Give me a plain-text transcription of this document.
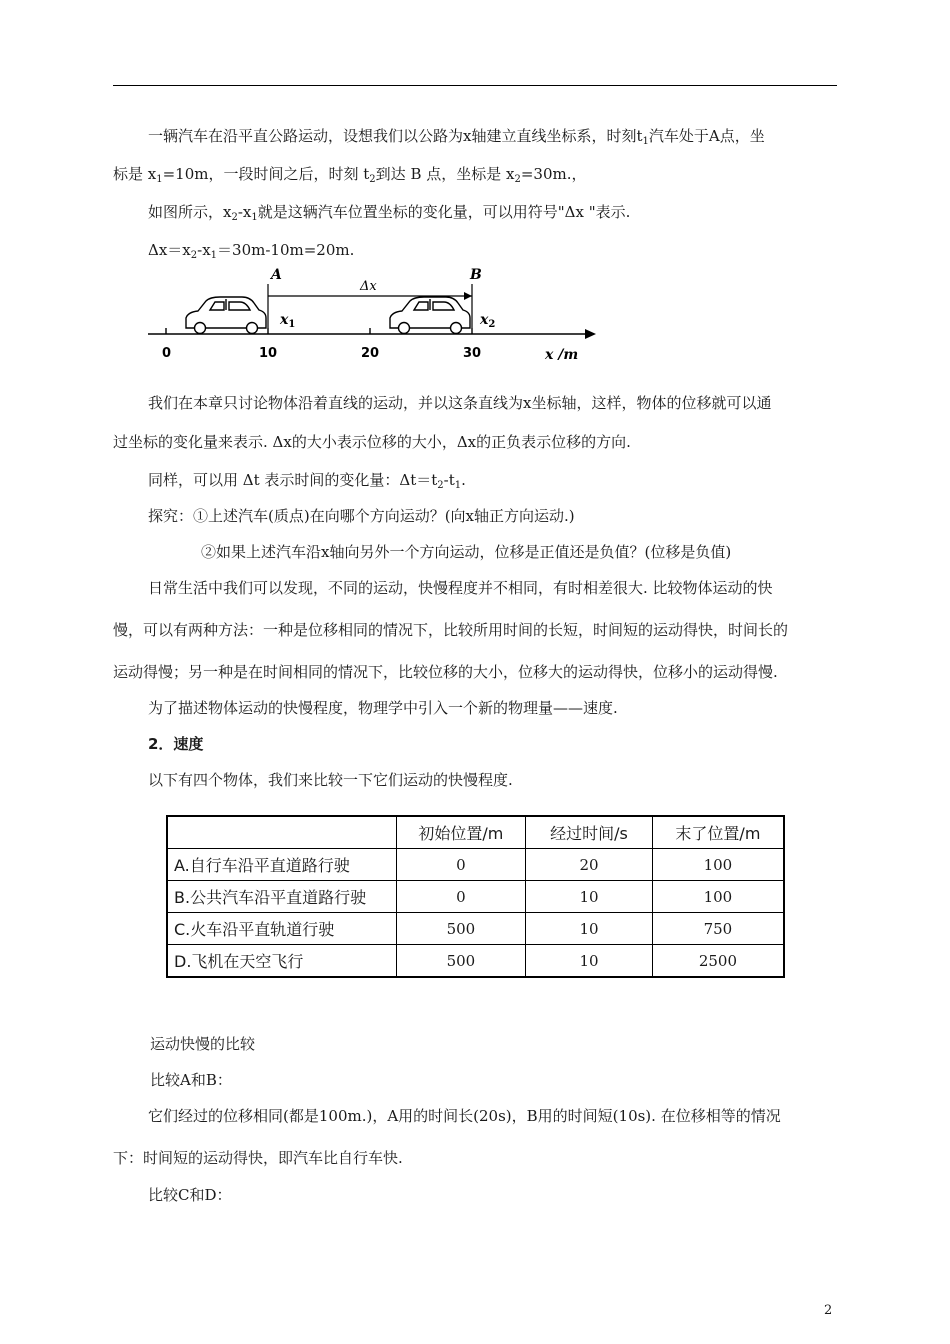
一辆汽车在沿平直公路运动，设想我们以公路为x轴建立直线坐标系，时刻$t_1$汽车处于A点，坐
标是 $x_1=10m$，一段时间之后，时刻 $t_2$到达 B 点，坐标是 $x_2=30m$.，
如图所示，$x_2-x_1$就是这辆汽车位置坐标的变化量，可以用符号"Δx "表示.
$\Delta x=x_2-x_1=30m-10m=20m$.
A	B
Δx
$x_1$	$x_2$
0	10	20	30	x /m
我们在本章只讨论物体沿着直线的运动，并以这条直线为x坐标轴，这样，物体的位移就可以通
过坐标的变化量来表示. Δx的大小表示位移的大小，Δx的正负表示位移的方向.
同样，可以用 Δt 表示时间的变化量：$\Delta t=t_2-t_1$.
探究：①上述汽车(质点)在向哪个方向运动？(向x轴正方向运动.)
②如果上述汽车沿x轴向另外一个方向运动，位移是正值还是负值？(位移是负值)
日常生活中我们可以发现，不同的运动，快慢程度并不相同，有时相差很大. 比较物体运动的快
慢，可以有两种方法：一种是位移相同的情况下，比较所用时间的长短，时间短的运动得快，时间长的
运动得慢；另一种是在时间相同的情况下，比较位移的大小，位移大的运动得快，位移小的运动得慢.
为了描述物体运动的快慢程度，物理学中引入一个新的物理量——速度.
2．速度
以下有四个物体，我们来比较一下它们运动的快慢程度.
	初始位置/m	经过时间/s	末了位置/m
A.自行车沿平直道路行驶	0	20	100
B.公共汽车沿平直道路行驶	0	10	100
C.火车沿平直轨道行驶	500	10	750
D.飞机在天空飞行	500	10	2500
运动快慢的比较
比较A和B：
它们经过的位移相同(都是100m.)，A用的时间长(20s)，B用的时间短(10s). 在位移相等的情况
下：时间短的运动得快，即汽车比自行车快.
比较C和D：
2
